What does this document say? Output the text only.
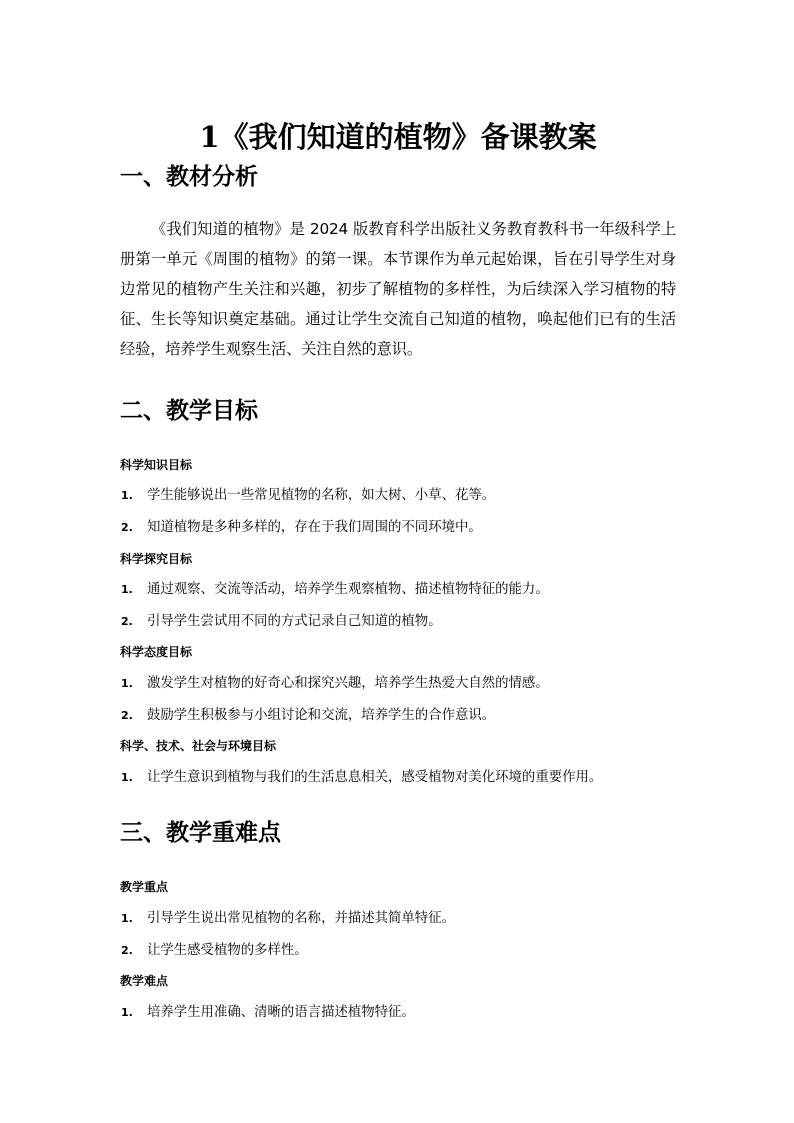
1《我们知道的植物》备课教案
一、教材分析

《我们知道的植物》是 2024 版教育科学出版社义务教育教科书一年级科学上册第一单元《周围的植物》的第一课。本节课作为单元起始课，旨在引导学生对身边常见的植物产生关注和兴趣，初步了解植物的多样性，为后续深入学习植物的特征、生长等知识奠定基础。通过让学生交流自己知道的植物，唤起他们已有的生活经验，培养学生观察生活、关注自然的意识。

二、教学目标
科学知识目标
1. 学生能够说出一些常见植物的名称，如大树、小草、花等。
2. 知道植物是多种多样的，存在于我们周围的不同环境中。
科学探究目标
1. 通过观察、交流等活动，培养学生观察植物、描述植物特征的能力。
2. 引导学生尝试用不同的方式记录自己知道的植物。
科学态度目标
1. 激发学生对植物的好奇心和探究兴趣，培养学生热爱大自然的情感。
2. 鼓励学生积极参与小组讨论和交流，培养学生的合作意识。
科学、技术、社会与环境目标
1. 让学生意识到植物与我们的生活息息相关，感受植物对美化环境的重要作用。
三、教学重难点
教学重点
1. 引导学生说出常见植物的名称，并描述其简单特征。
2. 让学生感受植物的多样性。
教学难点
1. 培养学生用准确、清晰的语言描述植物特征。
